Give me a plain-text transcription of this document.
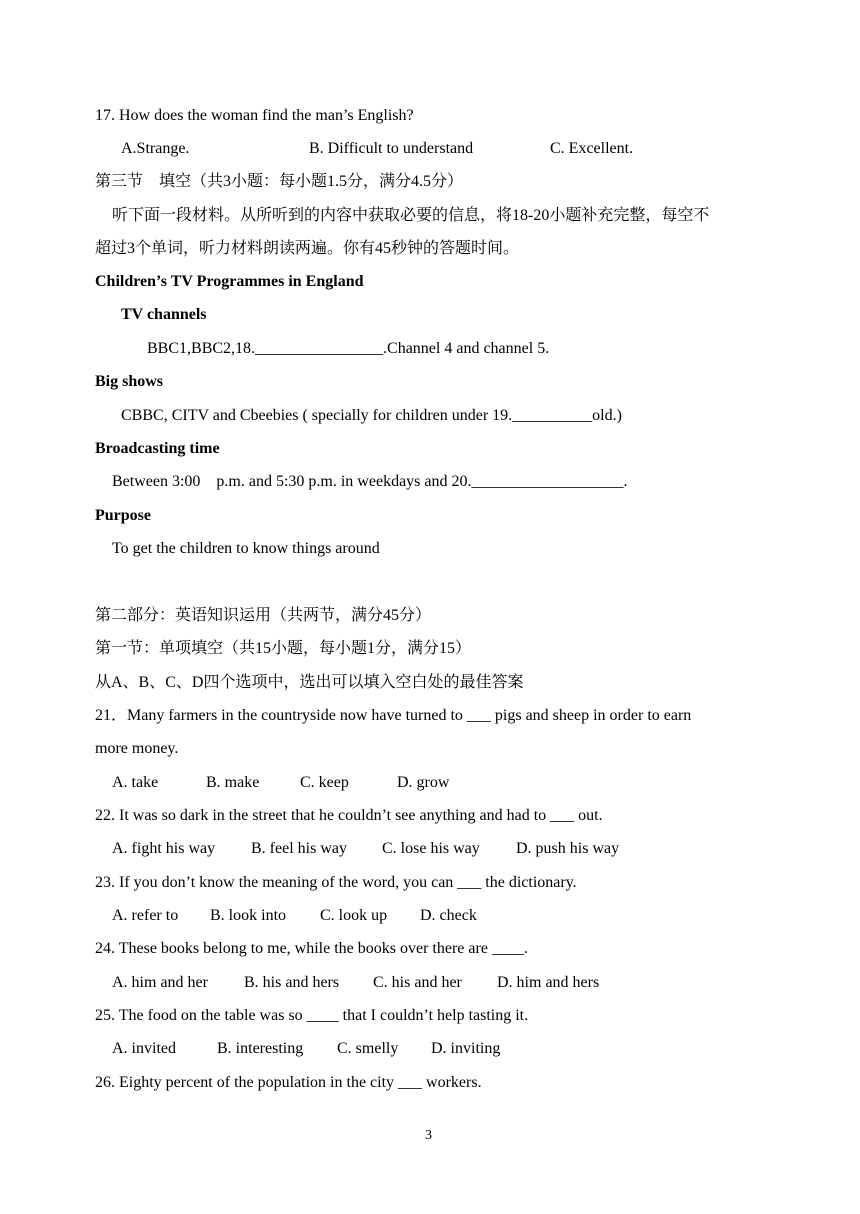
17. How does the woman find the man’s English?
A.Strange.	B. Difficult to understand	C. Excellent.
第三节　填空（共3小题：每小题1.5分，满分4.5分）
听下面一段材料。从所听到的内容中获取必要的信息，将18-20小题补充完整，每空不
超过3个单词，听力材料朗读两遍。你有45秒钟的答题时间。
Children’s TV Programmes in England
TV channels
BBC1,BBC2,18.________________.Channel 4 and channel 5.
Big shows
CBBC, CITV and Cbeebies ( specially for children under 19.__________old.)
Broadcasting time
Between 3:00    p.m. and 5:30 p.m. in weekdays and 20.___________________.
Purpose
To get the children to know things around
第二部分：英语知识运用（共两节，满分45分）
第一节：单项填空（共15小题，每小题1分，满分15）
从A、B、C、D四个选项中，选出可以填入空白处的最佳答案
21．Many farmers in the countryside now have turned to ___ pigs and sheep in order to earn
more money.
A. take	B. make	C. keep	D. grow
22. It was so dark in the street that he couldn’t see anything and had to ___ out.
A. fight his way B. feel his way C. lose his way D. push his way
23. If you don’t know the meaning of the word, you can ___ the dictionary.
A. refer to B. look into C. look up D. check
24. These books belong to me, while the books over there are ____.
A. him and her B. his and hers C. his and her D. him and hers
25. The food on the table was so ____ that I couldn’t help tasting it.
A. invited	B. interesting C. smelly D. inviting
26. Eighty percent of the population in the city ___ workers.
3
